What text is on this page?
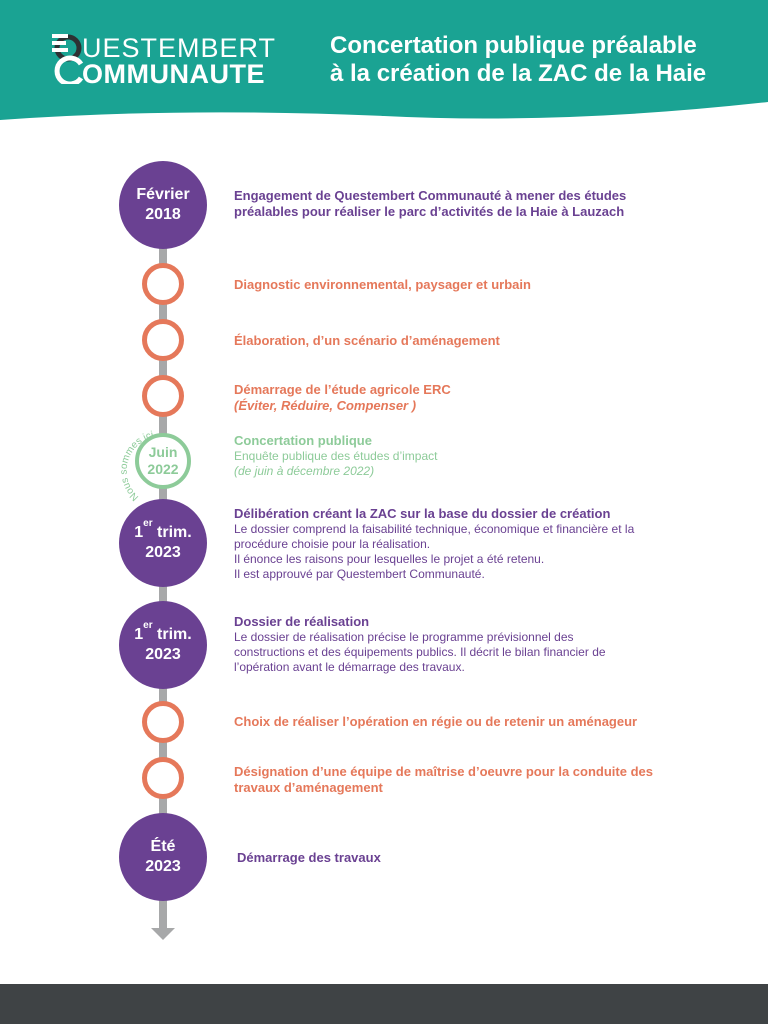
UESTEMBERT
OMMUNAUTE
Concertation publique préalable
à la création de la ZAC de la Haie
Février
2018
Juin
2022
Nous sommes ici
1er trim.
2023
1er trim.
2023
Été
2023
Engagement de Questembert Communauté à mener des études
préalables pour réaliser le parc d’activités de la Haie à Lauzach
Diagnostic environnemental, paysager et urbain
Élaboration, d’un scénario d’aménagement
Démarrage de l’étude agricole ERC
(Éviter, Réduire, Compenser )
Concertation publique
Enquête publique des études d’impact
(de juin à décembre 2022)
Délibération créant la ZAC sur la base du dossier de création
Le dossier comprend la faisabilité technique, économique et financière et la
procédure choisie pour la réalisation.
Il énonce les raisons pour lesquelles le projet a été retenu.
Il est approuvé par Questembert Communauté.
Dossier de réalisation
Le dossier de réalisation précise le programme prévisionnel des
constructions et des équipements publics. Il décrit le bilan financier de
l’opération avant le démarrage des travaux.
Choix de réaliser l’opération en régie ou de retenir un aménageur
Désignation d’une équipe de maîtrise d’oeuvre pour la conduite des
travaux d’aménagement
Démarrage des travaux
